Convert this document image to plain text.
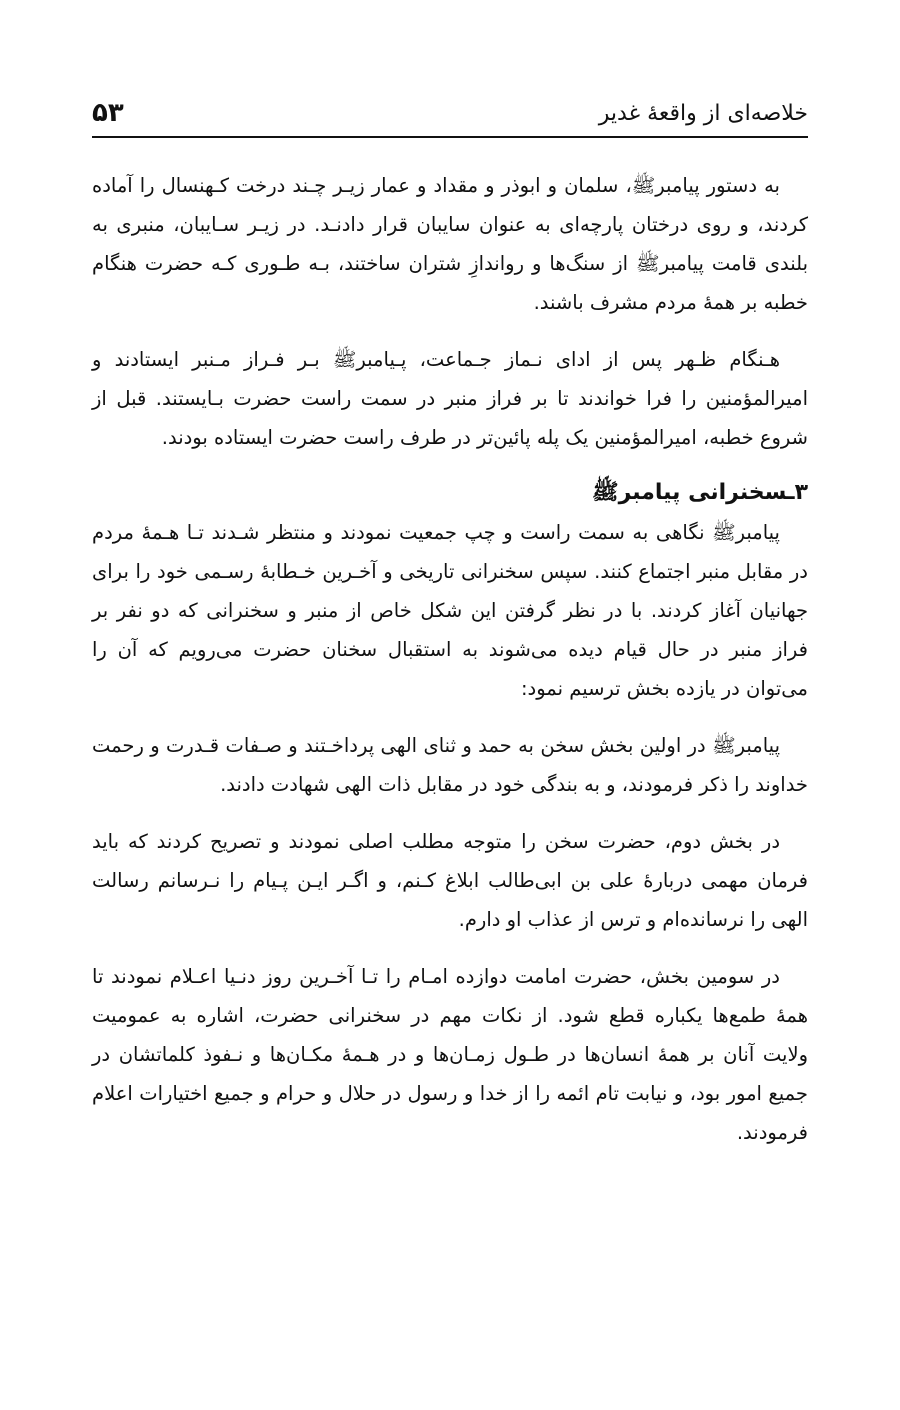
خلاصه‌ای از واقعۀ غدیر
۵۳

به دستور پیامبرﷺ، سلمان و ابوذر و مقداد و عمار زیـر چـند درخت کـهنسال را آماده کردند، و روی درختان پارچه‌ای به عنوان سایبان قرار دادنـد. در زیـر سـایبان، منبری به بلندی قامت پیامبرﷺ از سنگ‌ها و رواندازِ شتران ساختند، بـه طـوری کـه حضرت هنگام خطبه بر همۀ مردم مشرف باشند.

هـنگام ظـهر پس از ادای نـماز جـماعت، پـیامبرﷺ بـر فـراز مـنبر ایستادند و امیرالمؤمنین را فرا خواندند تا بر فراز منبر در سمت راست حضرت بـایستند. قبل از شروع خطبه، امیرالمؤمنین یک پله پائین‌تر در طرف راست حضرت ایستاده بودند.

۳ـسخنرانی پیامبرﷺ

پیامبرﷺ نگاهی به سمت راست و چپ جمعیت نمودند و منتظر شـدند تـا هـمۀ مردم در مقابل منبر اجتماع کنند. سپس سخنرانی تاریخی و آخـرین خـطابۀ رسـمی خود را برای جهانیان آغاز کردند. با در نظر گرفتن این شکل خاص از منبر و سخنرانی که دو نفر بر فراز منبر در حال قیام دیده می‌شوند به استقبال سخنان حضرت می‌رویم که آن را می‌توان در یازده بخش ترسیم نمود:

پیامبرﷺ در اولین بخش سخن به حمد و ثنای الهی پرداخـتند و صـفات قـدرت و رحمت خداوند را ذکر فرمودند، و به بندگی خود در مقابل ذات الهی شهادت دادند.

در بخش دوم، حضرت سخن را متوجه مطلب اصلی نمودند و تصریح کردند که باید فرمان مهمی دربارۀ علی بن ابی‌طالب ابلاغ کـنم، و اگـر ایـن پـیام را نـرسانم رسالت الهی را نرسانده‌ام و ترس از عذاب او دارم.

در سومین بخش، حضرت امامت دوازده امـام را تـا آخـرین روز دنـیا اعـلام نمودند تا همۀ طمع‌ها یکباره قطع شود. از نکات مهم در سخنرانی حضرت، اشاره به عمومیت ولایت آنان بر همۀ انسان‌ها در طـول زمـان‌ها و در هـمۀ مکـان‌ها و نـفوذ کلماتشان در جمیع امور بود، و نیابت تام ائمه را از خدا و رسول در حلال و حرام و جمیع اختیارات اعلام فرمودند.
